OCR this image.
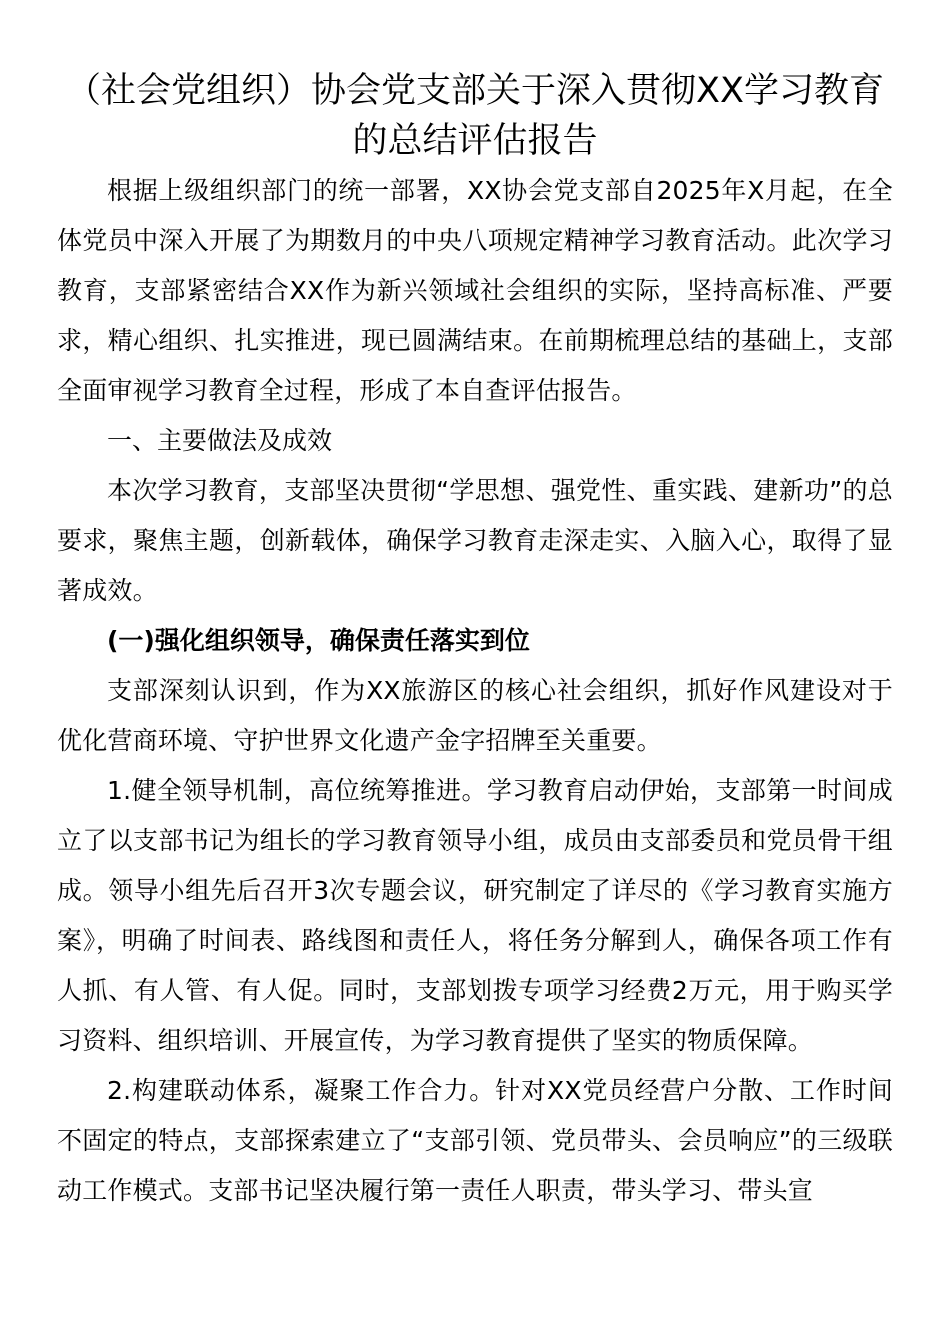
（社会党组织）协会党支部关于深入贯彻XX学习教育
的总结评估报告

根据上级组织部门的统一部署，XX协会党支部自2025年X月起，在全体党员中深入开展了为期数月的中央八项规定精神学习教育活动。此次学习教育，支部紧密结合XX作为新兴领域社会组织的实际，坚持高标准、严要求，精心组织、扎实推进，现已圆满结束。在前期梳理总结的基础上，支部全面审视学习教育全过程，形成了本自查评估报告。

一、主要做法及成效

本次学习教育，支部坚决贯彻“学思想、强党性、重实践、建新功”的总要求，聚焦主题，创新载体，确保学习教育走深走实、入脑入心，取得了显著成效。

(一)强化组织领导，确保责任落实到位

支部深刻认识到，作为XX旅游区的核心社会组织，抓好作风建设对于优化营商环境、守护世界文化遗产金字招牌至关重要。

1.健全领导机制，高位统筹推进。学习教育启动伊始，支部第一时间成立了以支部书记为组长的学习教育领导小组，成员由支部委员和党员骨干组成。领导小组先后召开3次专题会议，研究制定了详尽的《学习教育实施方案》，明确了时间表、路线图和责任人，将任务分解到人，确保各项工作有人抓、有人管、有人促。同时，支部划拨专项学习经费2万元，用于购买学习资料、组织培训、开展宣传，为学习教育提供了坚实的物质保障。

2.构建联动体系，凝聚工作合力。针对XX党员经营户分散、工作时间不固定的特点，支部探索建立了“支部引领、党员带头、会员响应”的三级联动工作模式。支部书记坚决履行第一责任人职责，带头学习、带头宣
